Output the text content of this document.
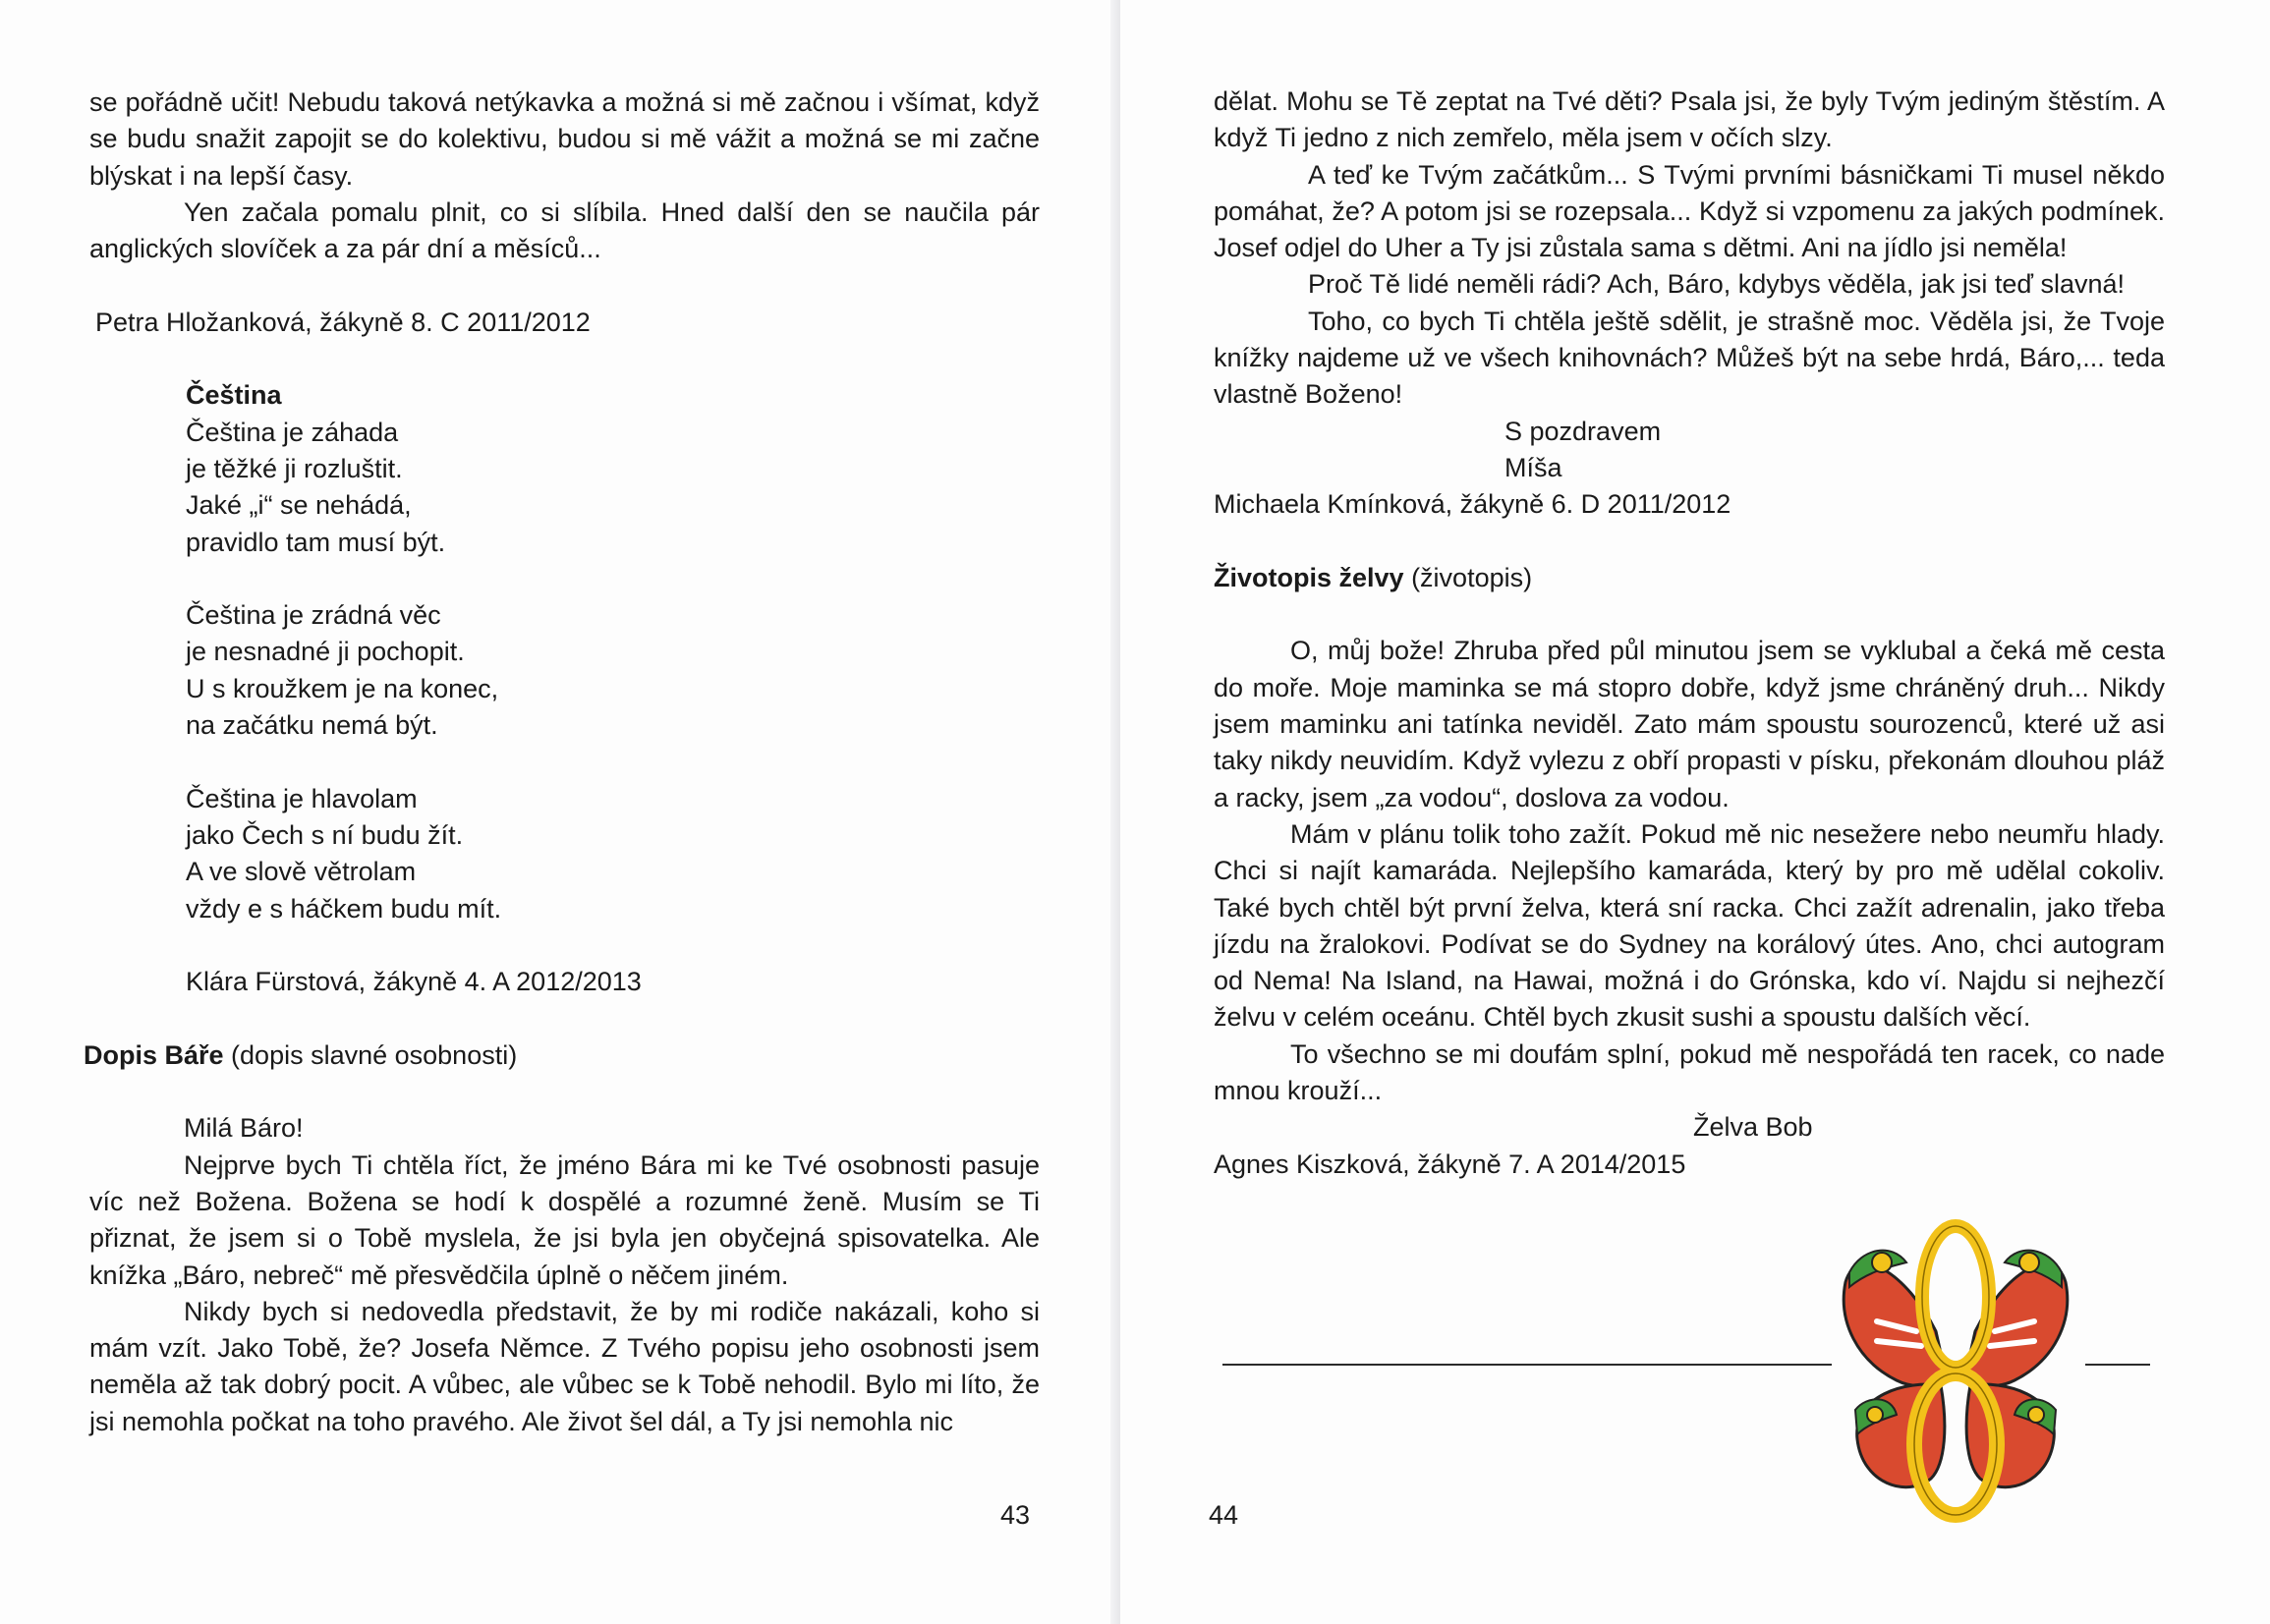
se pořádně učit! Nebudu taková netýkavka a možná si mě začnou i všímat, když se budu snažit zapojit se do kolektivu, budou si mě vážit a možná se mi začne blýskat i na lepší časy.

Yen začala pomalu plnit, co si slíbila. Hned další den se naučila pár anglických slovíček a za pár dní a měsíců...

Petra Hložanková, žákyně 8. C 2011/2012

Čeština

Čeština je záhada

je těžké ji rozluštit.

Jaké „i“ se nehádá,

pravidlo tam musí být.

Čeština je zrádná věc

je nesnadné ji pochopit.

U s kroužkem je na konec,

na začátku nemá být.

Čeština je hlavolam

jako Čech s ní budu žít.

A ve slově větrolam

vždy e s háčkem budu mít.

Klára Fürstová, žákyně 4. A 2012/2013

Dopis Báře (dopis slavné osobnosti)

Milá Báro!

Nejprve bych Ti chtěla říct, že jméno Bára mi ke Tvé osobnosti pasuje víc než Božena. Božena se hodí k dospělé a rozumné ženě. Musím se Ti přiznat, že jsem si o Tobě myslela, že jsi byla jen obyčejná spisovatelka. Ale knížka „Báro, nebreč“ mě přesvědčila úplně o něčem jiném.

Nikdy bych si nedovedla představit, že by mi rodiče nakázali, koho si mám vzít. Jako Tobě, že? Josefa Němce. Z Tvého popisu jeho osobnosti jsem neměla až tak dobrý pocit. A vůbec, ale vůbec se k Tobě nehodil. Bylo mi líto, že jsi nemohla počkat na toho pravého. Ale život šel dál, a Ty jsi nemohla nic

43

dělat. Mohu se Tě zeptat na Tvé děti? Psala jsi, že byly Tvým jediným štěstím. A když Ti jedno z nich zemřelo, měla jsem v očích slzy.

A teď ke Tvým začátkům... S Tvými prvními básničkami Ti musel někdo pomáhat, že? A potom jsi se rozepsala... Když si vzpomenu za jakých podmínek. Josef odjel do Uher a Ty jsi zůstala sama s dětmi. Ani na jídlo jsi neměla!

Proč Tě lidé neměli rádi? Ach, Báro, kdybys věděla, jak jsi teď slavná!

Toho, co bych Ti chtěla ještě sdělit, je strašně moc. Věděla jsi, že Tvoje knížky najdeme už ve všech knihovnách? Můžeš být na sebe hrdá, Báro,... teda vlastně Boženo!

S pozdravem

Míša

Michaela Kmínková, žákyně 6. D 2011/2012

Životopis želvy (životopis)

O, můj bože! Zhruba před půl minutou jsem se vyklubal a čeká mě cesta do moře. Moje maminka se má stopro dobře, když jsme chráněný druh... Nikdy jsem maminku ani tatínka neviděl. Zato mám spoustu sourozenců, které už asi taky nikdy neuvidím. Když vylezu z obří propasti v písku, překonám dlouhou pláž a racky, jsem „za vodou“, doslova za vodou.

Mám v plánu tolik toho zažít. Pokud mě nic nesežere nebo neumřu hlady. Chci si najít kamaráda. Nejlepšího kamaráda, který by pro mě udělal cokoliv. Také bych chtěl být první želva, která sní racka. Chci zažít adrenalin, jako třeba jízdu na žralokovi. Podívat se do Sydney na korálový útes. Ano, chci autogram od Nema! Na Island, na Hawai, možná i do Grónska, kdo ví. Najdu si nejhezčí želvu v celém oceánu. Chtěl bych zkusit sushi a spoustu dalších věcí.

To všechno se mi doufám splní, pokud mě nespořádá ten racek, co nade mnou krouží...

Želva Bob

Agnes Kiszková, žákyně 7. A 2014/2015

44
